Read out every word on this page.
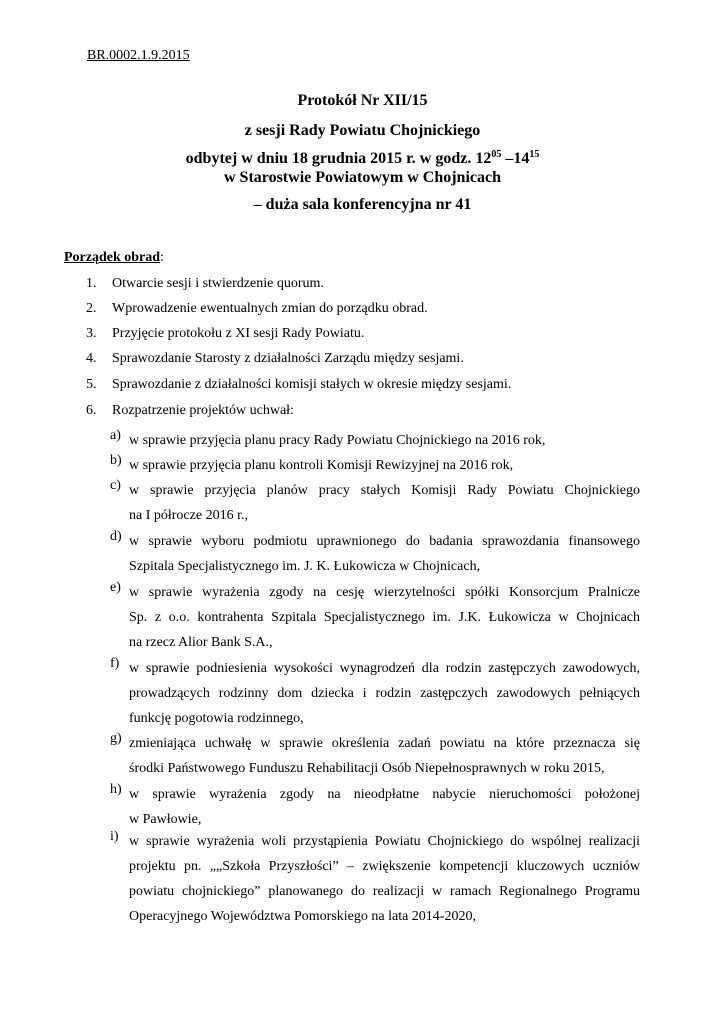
BR.0002.1.9.2015
Protokół Nr XII/15
z sesji Rady Powiatu Chojnickiego
odbytej w dniu 18 grudnia 2015 r. w godz. $12^{05}$ $-14^{15}$
w Starostwie Powiatowym w Chojnicach
– duża sala konferencyjna nr 41
Porządek obrad:
1.	Otwarcie sesji i stwierdzenie quorum.
2.	Wprowadzenie ewentualnych zmian do porządku obrad.
3.	Przyjęcie protokołu z XI sesji Rady Powiatu.
4.	Sprawozdanie Starosty z działalności Zarządu między sesjami.
5.	Sprawozdanie z działalności komisji stałych w okresie między sesjami.
6.	Rozpatrzenie projektów uchwał:
a) w sprawie przyjęcia planu pracy Rady Powiatu Chojnickiego na 2016 rok,
b) w sprawie przyjęcia planu kontroli Komisji Rewizyjnej na 2016 rok,
c) w sprawie przyjęcia planów pracy stałych Komisji Rady Powiatu Chojnickiego
na I półrocze 2016 r.,
d) w sprawie wyboru podmiotu uprawnionego do badania sprawozdania finansowego
Szpitala Specjalistycznego im. J. K. Łukowicza w Chojnicach,
e) w sprawie wyrażenia zgody na cesję wierzytelności spółki Konsorcjum Pralnicze
Sp. z o.o. kontrahenta Szpitala Specjalistycznego im. J.K. Łukowicza w Chojnicach
na rzecz Alior Bank S.A.,
f) w sprawie podniesienia wysokości wynagrodzeń dla rodzin zastępczych zawodowych,
prowadzących rodzinny dom dziecka i rodzin zastępczych zawodowych pełniących
funkcję pogotowia rodzinnego,
g) zmieniająca uchwałę w sprawie określenia zadań powiatu na które przeznacza się
środki Państwowego Funduszu Rehabilitacji Osób Niepełnosprawnych w roku 2015,
h) w sprawie wyrażenia zgody na nieodpłatne nabycie nieruchomości położonej
w Pawłowie,
i) w sprawie wyrażenia woli przystąpienia Powiatu Chojnickiego do wspólnej realizacji
projektu pn. „„Szkoła Przyszłości” – zwiększenie kompetencji kluczowych uczniów
powiatu chojnickiego” planowanego do realizacji w ramach Regionalnego Programu
Operacyjnego Województwa Pomorskiego na lata 2014-2020,
